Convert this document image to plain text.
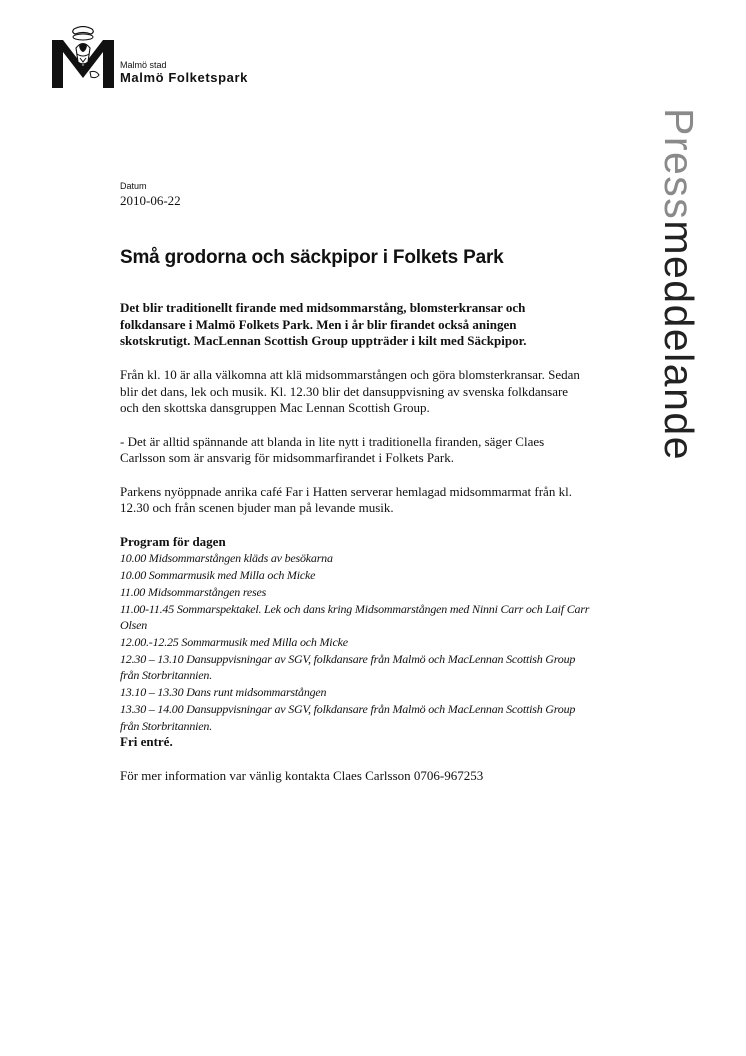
Malmö stad
Malmö Folketspark
Pressmeddelande
Datum
2010-06-22
Små grodorna och säckpipor i Folkets Park

Det blir traditionellt firande med midsommarstång, blomsterkransar och folkdansare i Malmö Folkets Park. Men i år blir firandet också aningen skotskrutigt. MacLennan Scottish Group uppträder i kilt med Säckpipor.

Från kl. 10 är alla välkomna att klä midsommarstången och göra blomsterkransar. Sedan blir det dans, lek och musik. Kl. 12.30 blir det dansuppvisning av svenska folkdansare och den skottska dansgruppen Mac Lennan Scottish Group.

- Det är alltid spännande att blanda in lite nytt i traditionella firanden, säger Claes Carlsson som är ansvarig för midsommarfirandet i Folkets Park.

Parkens nyöppnade anrika café Far i Hatten serverar hemlagad midsommarmat från kl. 12.30 och från scenen bjuder man på levande musik.

Program för dagen

10.00 Midsommarstången kläds av besökarna

10.00 Sommarmusik med Milla och Micke

11.00 Midsommarstången reses

11.00-11.45 Sommarspektakel. Lek och dans kring Midsommarstången med Ninni Carr och Laif Carr Olsen

12.00.-12.25 Sommarmusik med Milla och Micke

12.30 – 13.10 Dansuppvisningar av SGV, folkdansare från Malmö och MacLennan Scottish Group från Storbritannien.

13.10 – 13.30 Dans runt midsommarstången

13.30 – 14.00 Dansuppvisningar av SGV, folkdansare från Malmö och MacLennan Scottish Group från Storbritannien.

Fri entré.

För mer information var vänlig kontakta Claes Carlsson 0706-967253
